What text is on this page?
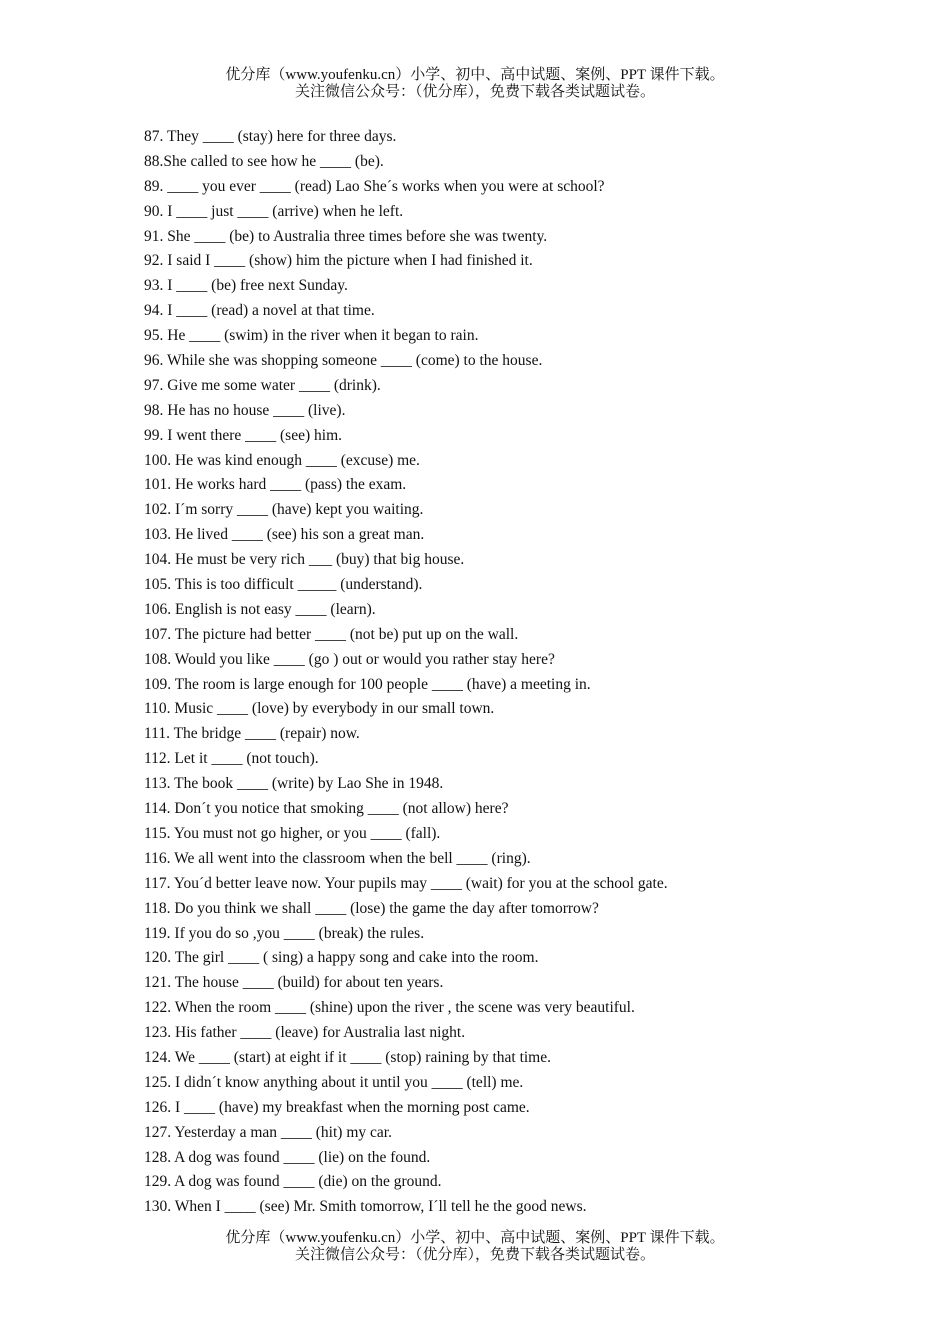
优分库（www.youfenku.cn）小学、初中、高中试题、案例、PPT 课件下载。
关注微信公众号：（优分库），免费下载各类试题试卷。
87. They ____ (stay) here for three days.
88.She called to see how he ____ (be).
89. ____ you ever ____ (read) Lao She´s works when you were at school?
90. I ____ just ____ (arrive) when he left.
91. She ____ (be) to Australia three times before she was twenty.
92. I said I ____ (show) him the picture when I had finished it.
93. I ____ (be) free next Sunday.
94. I ____ (read) a novel at that time.
95. He ____ (swim) in the river when it began to rain.
96. While she was shopping someone ____ (come) to the house.
97. Give me some water ____ (drink).
98. He has no house ____ (live).
99. I went there ____ (see) him.
100. He was kind enough ____ (excuse) me.
101. He works hard ____ (pass) the exam.
102. I´m sorry ____ (have) kept you waiting.
103. He lived ____ (see) his son a great man.
104. He must be very rich ___ (buy) that big house.
105. This is too difficult _____ (understand).
106. English is not easy ____ (learn).
107. The picture had better ____ (not be) put up on the wall.
108. Would you like ____ (go ) out or would you rather stay here?
109. The room is large enough for 100 people ____ (have) a meeting in.
110. Music ____ (love) by everybody in our small town.
111. The bridge ____ (repair) now.
112. Let it ____ (not touch).
113. The book ____ (write) by Lao She in 1948.
114. Don´t you notice that smoking ____ (not allow) here?
115. You must not go higher, or you ____ (fall).
116. We all went into the classroom when the bell ____ (ring).
117. You´d better leave now. Your pupils may ____ (wait) for you at the school gate.
118. Do you think we shall ____ (lose) the game the day after tomorrow?
119. If you do so ,you ____ (break) the rules.
120. The girl ____ ( sing) a happy song and cake into the room.
121. The house ____ (build) for about ten years.
122. When the room ____ (shine) upon the river , the scene was very beautiful.
123. His father ____ (leave) for Australia last night.
124. We ____ (start) at eight if it ____ (stop) raining by that time.
125. I didn´t know anything about it until you ____ (tell) me.
126. I ____ (have) my breakfast when the morning post came.
127. Yesterday a man ____ (hit) my car.
128. A dog was found ____ (lie) on the found.
129. A dog was found ____ (die) on the ground.
130. When I ____ (see) Mr. Smith tomorrow, I´ll tell he the good news.
优分库（www.youfenku.cn）小学、初中、高中试题、案例、PPT 课件下载。
关注微信公众号：（优分库），免费下载各类试题试卷。
